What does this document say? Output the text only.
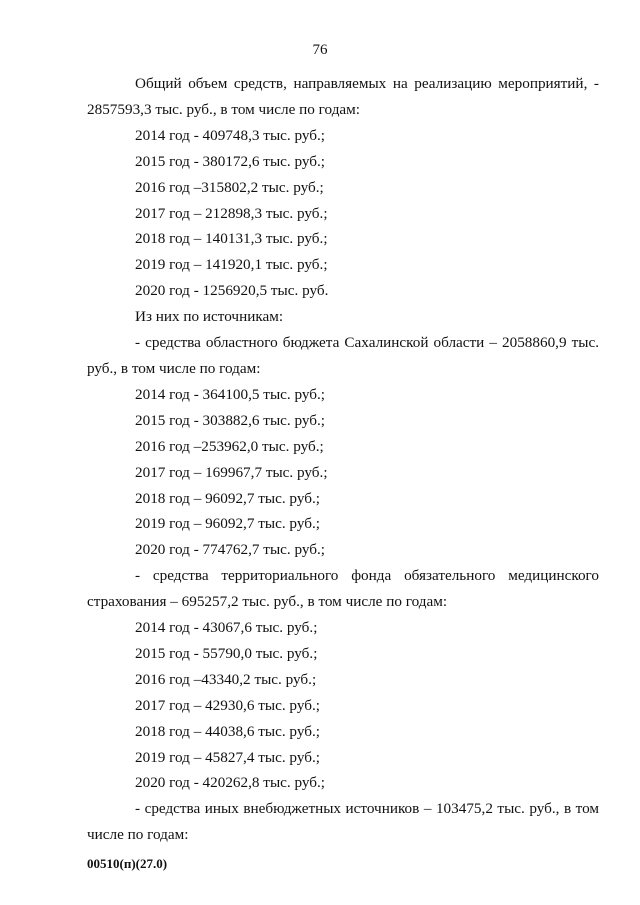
76

Общий объем средств, направляемых на реализацию мероприятий, - 2857593,3 тыс. руб., в том числе по годам:

2014 год - 409748,3 тыс. руб.;

2015 год - 380172,6 тыс. руб.;

2016 год –315802,2 тыс. руб.;

2017 год – 212898,3 тыс. руб.;

2018 год – 140131,3 тыс. руб.;

2019 год – 141920,1 тыс. руб.;

2020 год - 1256920,5 тыс. руб.

Из них по источникам:

- средства областного бюджета Сахалинской области – 2058860,9 тыс. руб., в том числе по годам:

2014 год - 364100,5 тыс. руб.;

2015 год - 303882,6 тыс. руб.;

2016 год –253962,0 тыс. руб.;

2017 год – 169967,7 тыс. руб.;

2018 год – 96092,7 тыс. руб.;

2019 год – 96092,7 тыс. руб.;

2020 год - 774762,7 тыс. руб.;

- средства территориального фонда обязательного медицинского страхования – 695257,2 тыс. руб., в том числе по годам:

2014 год - 43067,6 тыс. руб.;

2015 год - 55790,0 тыс. руб.;

2016 год –43340,2 тыс. руб.;

2017 год – 42930,6 тыс. руб.;

2018 год – 44038,6 тыс. руб.;

2019 год – 45827,4 тыс. руб.;

2020 год - 420262,8 тыс. руб.;

- средства иных внебюджетных источников – 103475,2 тыс. руб., в том числе по годам:

00510(п)(27.0)
